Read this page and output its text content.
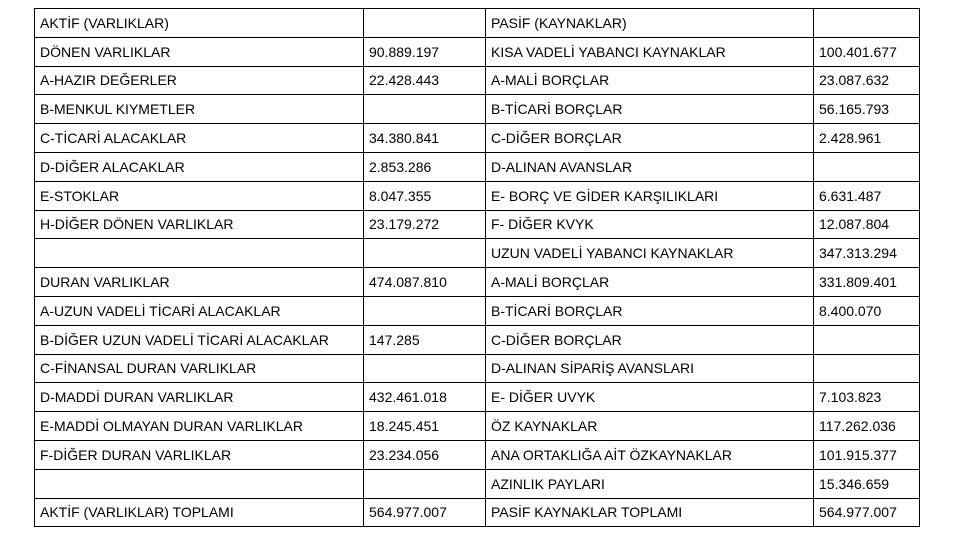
AKTİF (VARLIKLAR)		PASİF (KAYNAKLAR)	
DÖNEN VARLIKLAR	90.889.197	KISA VADELİ YABANCI KAYNAKLAR	100.401.677
A-HAZIR DEĞERLER	22.428.443	A-MALİ BORÇLAR	23.087.632
B-MENKUL KIYMETLER		B-TİCARİ BORÇLAR	56.165.793
C-TİCARİ ALACAKLAR	34.380.841	C-DİĞER BORÇLAR	2.428.961
D-DİĞER ALACAKLAR	2.853.286	D-ALINAN AVANSLAR	
E-STOKLAR	8.047.355	E- BORÇ VE GİDER KARŞILIKLARI	6.631.487
H-DİĞER DÖNEN VARLIKLAR	23.179.272	F- DİĞER KVYK	12.087.804
		UZUN VADELİ YABANCI KAYNAKLAR	347.313.294
DURAN VARLIKLAR	474.087.810	A-MALİ BORÇLAR	331.809.401
A-UZUN VADELİ TİCARİ ALACAKLAR		B-TİCARİ BORÇLAR	8.400.070
B-DİĞER UZUN VADELİ TİCARİ ALACAKLAR	147.285	C-DİĞER BORÇLAR	
C-FİNANSAL DURAN VARLIKLAR		D-ALINAN SİPARİŞ AVANSLARI	
D-MADDİ DURAN VARLIKLAR	432.461.018	E- DİĞER UVYK	7.103.823
E-MADDİ OLMAYAN DURAN VARLIKLAR	18.245.451	ÖZ KAYNAKLAR	117.262.036
F-DİĞER DURAN VARLIKLAR	23.234.056	ANA ORTAKLIĞA AİT ÖZKAYNAKLAR	101.915.377
		AZINLIK PAYLARI	15.346.659
AKTİF (VARLIKLAR) TOPLAMI	564.977.007	PASİF KAYNAKLAR TOPLAMI	564.977.007
